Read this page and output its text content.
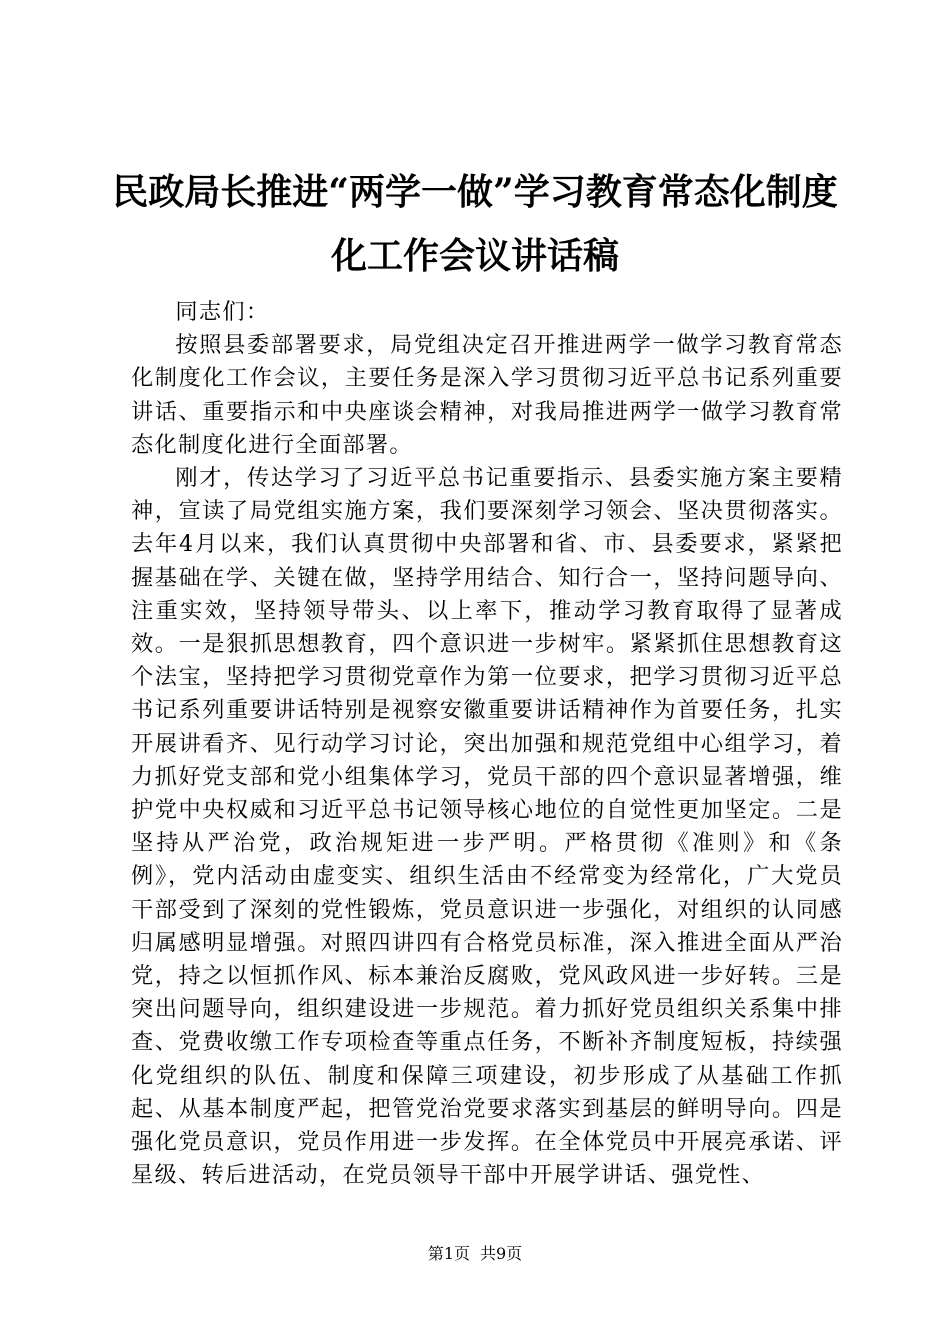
民政局长推进“两学一做”学习教育常态化制度化工作会议讲话稿

同志们：

按照县委部署要求，局党组决定召开推进两学一做学习教育常态化制度化工作会议，主要任务是深入学习贯彻习近平总书记系列重要讲话、重要指示和中央座谈会精神，对我局推进两学一做学习教育常态化制度化进行全面部署。

刚才，传达学习了习近平总书记重要指示、县委实施方案主要精神，宣读了局党组实施方案，我们要深刻学习领会、坚决贯彻落实。去年4月以来，我们认真贯彻中央部署和省、市、县委要求，紧紧把握基础在学、关键在做，坚持学用结合、知行合一，坚持问题导向、注重实效，坚持领导带头、以上率下，推动学习教育取得了显著成效。一是狠抓思想教育，四个意识进一步树牢。紧紧抓住思想教育这个法宝，坚持把学习贯彻党章作为第一位要求，把学习贯彻习近平总书记系列重要讲话特别是视察安徽重要讲话精神作为首要任务，扎实开展讲看齐、见行动学习讨论，突出加强和规范党组中心组学习，着力抓好党支部和党小组集体学习，党员干部的四个意识显著增强，维护党中央权威和习近平总书记领导核心地位的自觉性更加坚定。二是坚持从严治党，政治规矩进一步严明。严格贯彻《准则》和《条例》，党内活动由虚变实、组织生活由不经常变为经常化，广大党员干部受到了深刻的党性锻炼，党员意识进一步强化，对组织的认同感归属感明显增强。对照四讲四有合格党员标准，深入推进全面从严治党，持之以恒抓作风、标本兼治反腐败，党风政风进一步好转。三是突出问题导向，组织建设进一步规范。着力抓好党员组织关系集中排查、党费收缴工作专项检查等重点任务，不断补齐制度短板，持续强化党组织的队伍、制度和保障三项建设，初步形成了从基础工作抓起、从基本制度严起，把管党治党要求落实到基层的鲜明导向。四是强化党员意识，党员作用进一步发挥。在全体党员中开展亮承诺、评星级、转后进活动，在党员领导干部中开展学讲话、强党性、

第1页 共9页
